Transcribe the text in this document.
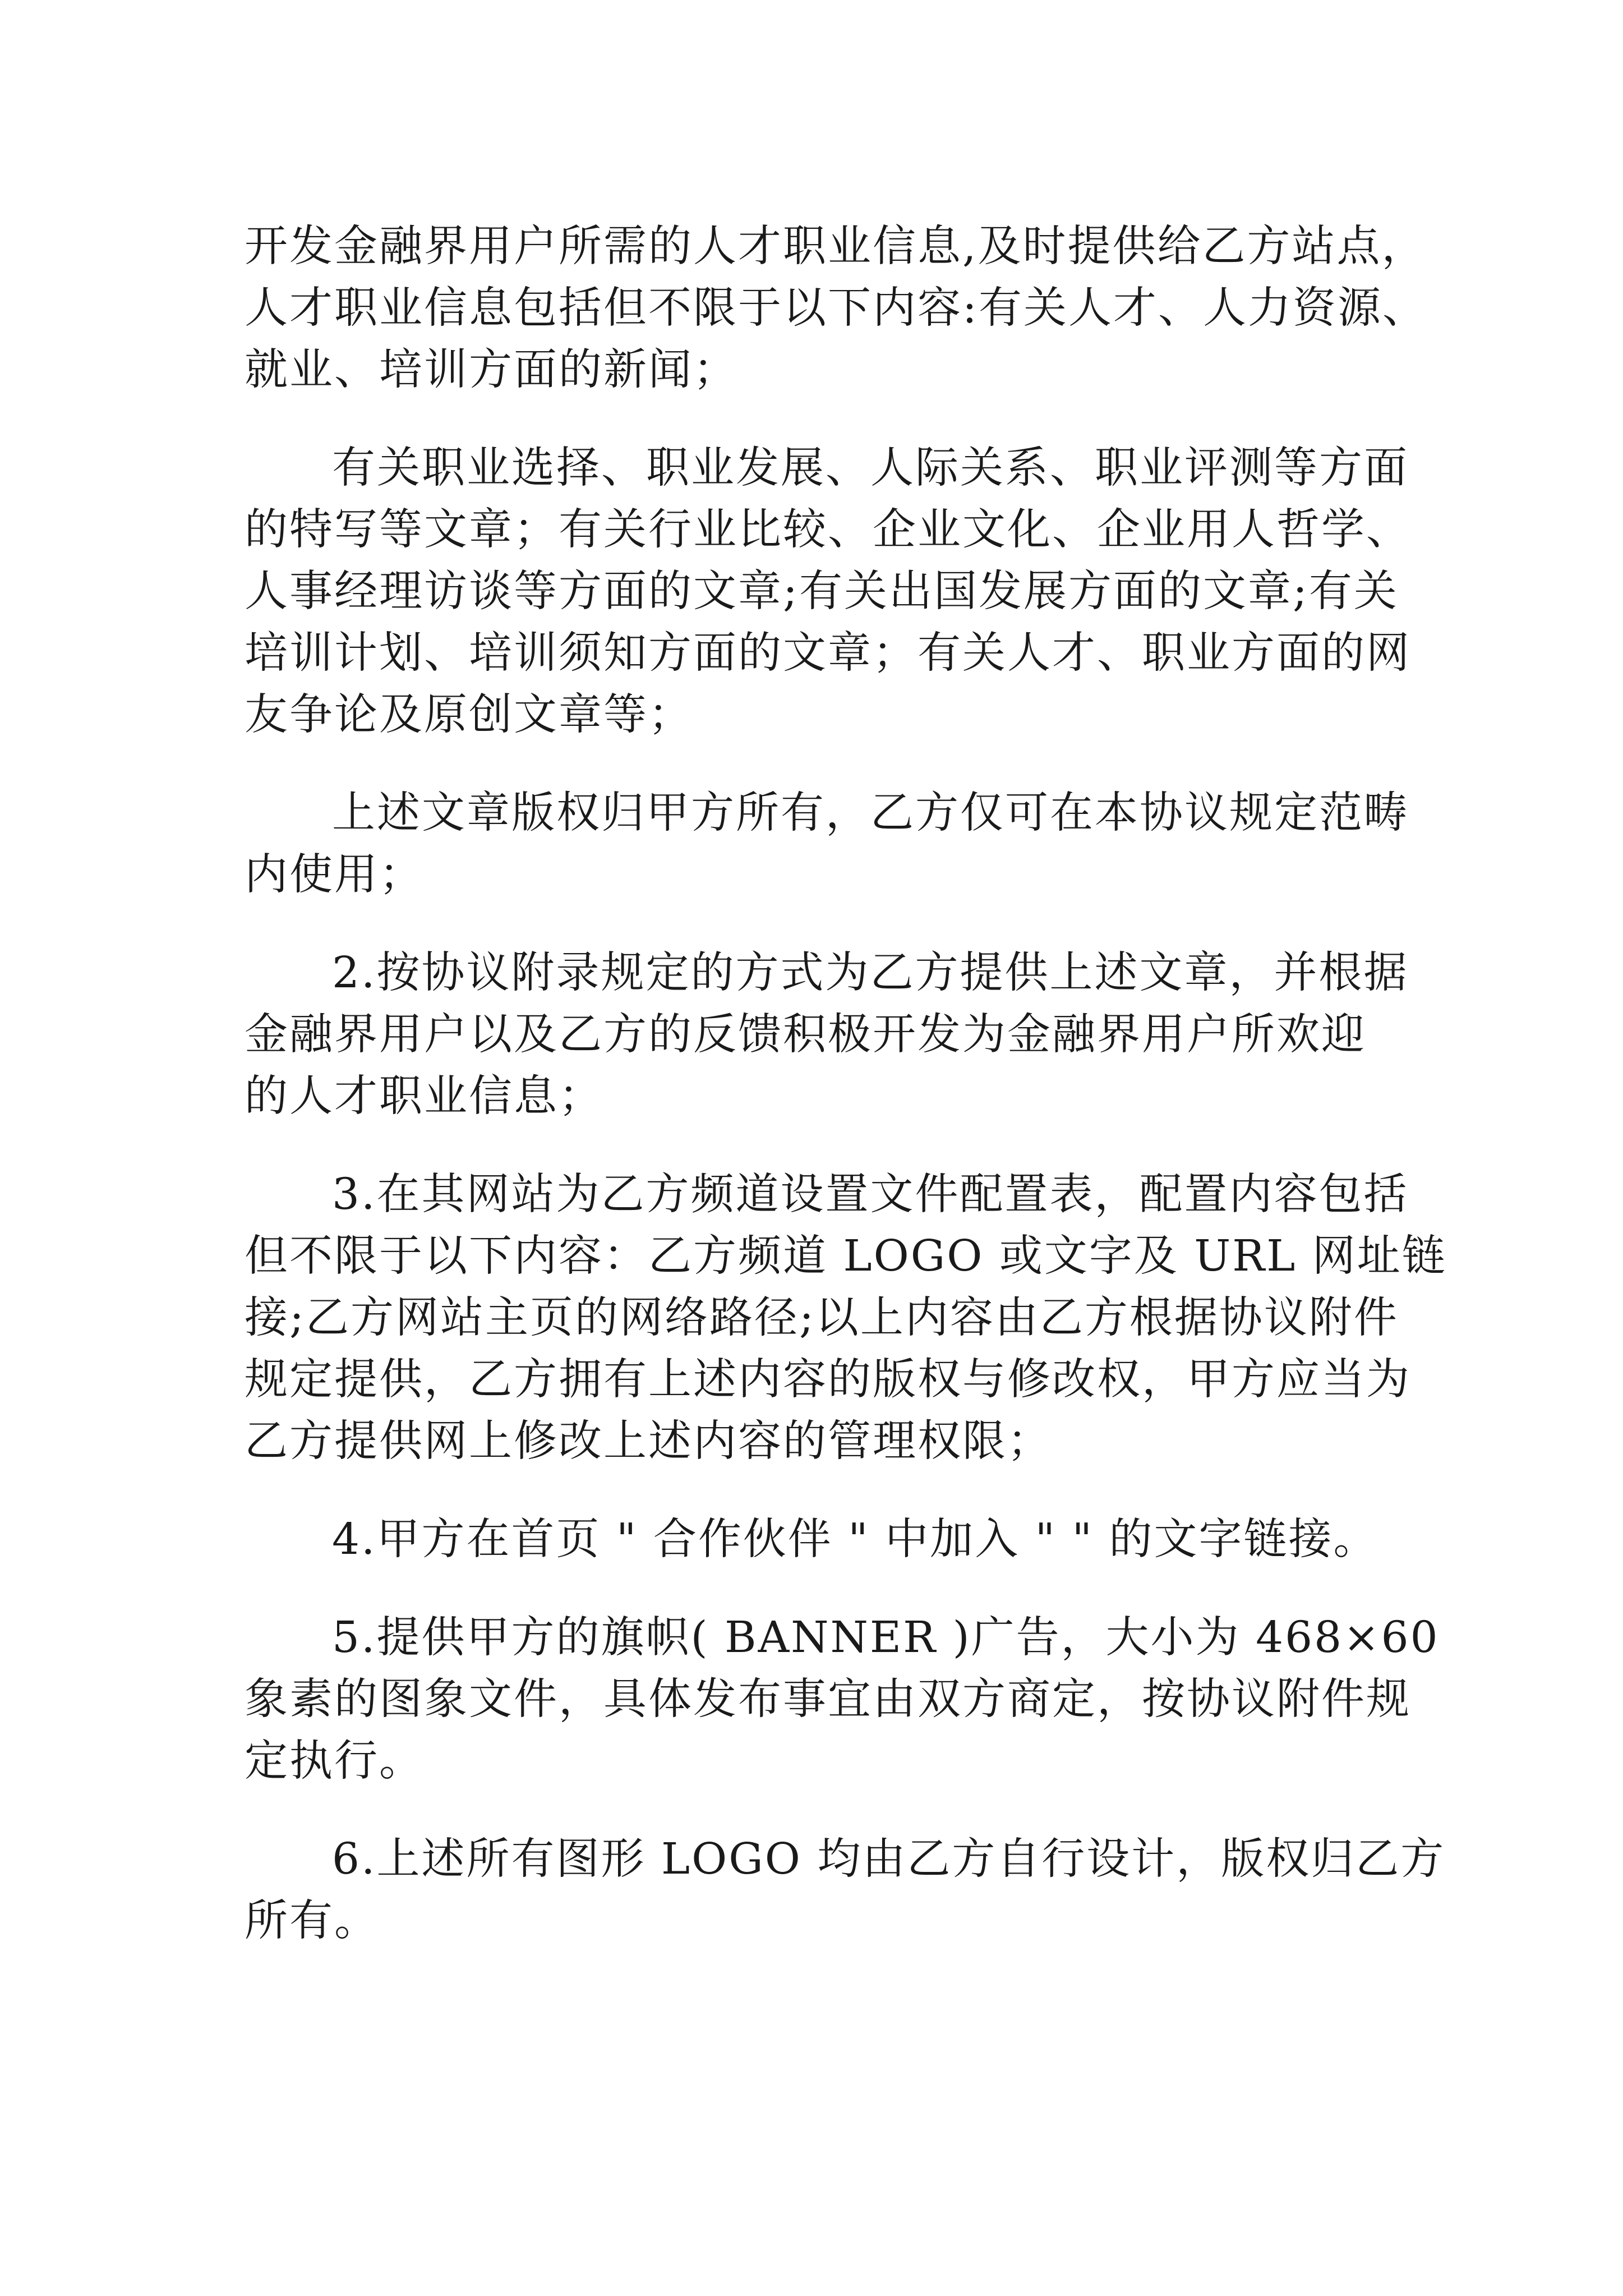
开发金融界用户所需的人才职业信息,及时提供给乙方站点，

人才职业信息包括但不限于以下内容:有关人才、人力资源、

就业、培训方面的新闻；

有关职业选择、职业发展、人际关系、职业评测等方面

的特写等文章；有关行业比较、企业文化、企业用人哲学、

人事经理访谈等方面的文章;有关出国发展方面的文章;有关

培训计划、培训须知方面的文章；有关人才、职业方面的网

友争论及原创文章等；

上述文章版权归甲方所有，乙方仅可在本协议规定范畴

内使用；

2.按协议附录规定的方式为乙方提供上述文章，并根据

金融界用户以及乙方的反馈积极开发为金融界用户所欢迎

的人才职业信息；

3.在其网站为乙方频道设置文件配置表，配置内容包括

但不限于以下内容：乙方频道 LOGO 或文字及 URL 网址链

接;乙方网站主页的网络路径;以上内容由乙方根据协议附件

规定提供，乙方拥有上述内容的版权与修改权，甲方应当为

乙方提供网上修改上述内容的管理权限；

4.甲方在首页 " 合作伙伴 " 中加入 " " 的文字链接。

5.提供甲方的旗帜( BANNER )广告，大小为 468×60

象素的图象文件，具体发布事宜由双方商定，按协议附件规

定执行。

6.上述所有图形 LOGO 均由乙方自行设计，版权归乙方

所有。
